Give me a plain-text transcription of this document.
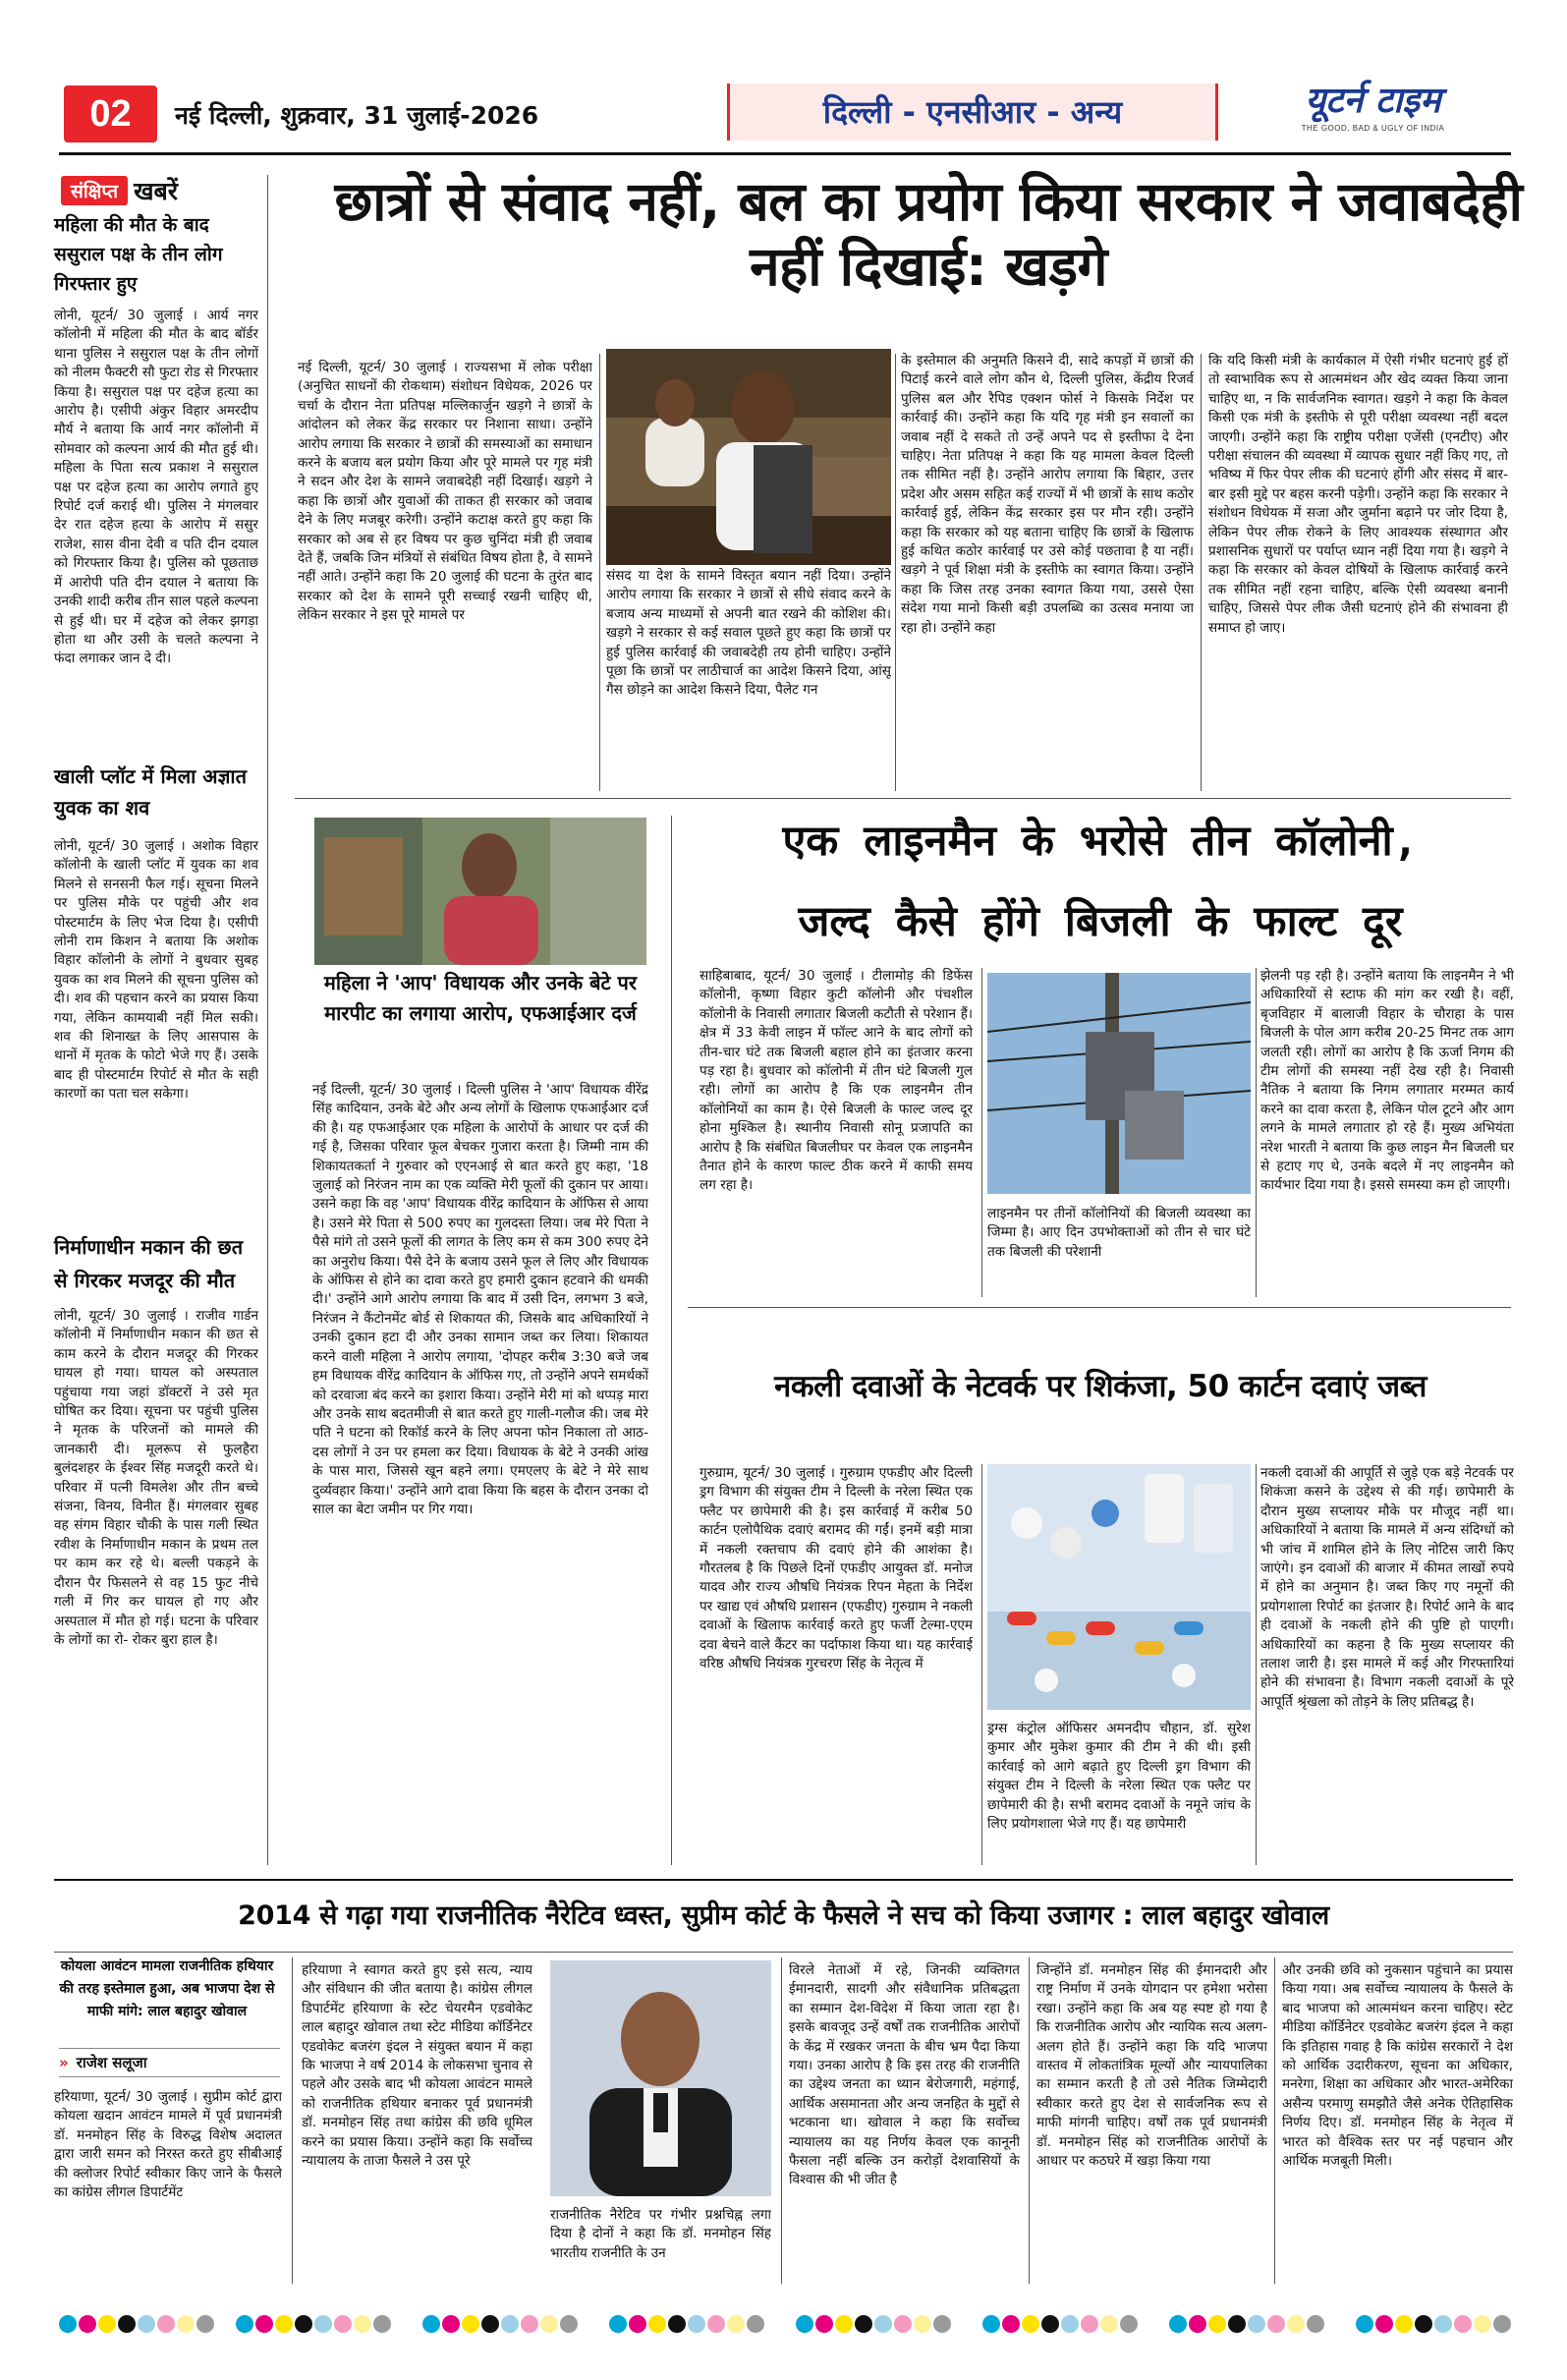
02	नई दिल्ली, शुक्रवार, 31 जुलाई-2026	दिल्ली - एनसीआर - अन्य	यूटर्न टाइम
THE GOOD, BAD & UGLY OF INDIA
संक्षिप्त खबरें
महिला की मौत के बाद ससुराल पक्ष के तीन लोग गिरफ्तार हुए
लोनी, यूटर्न/ 30 जुलाई । आर्य नगर कॉलोनी में महिला की मौत के बाद बॉर्डर थाना पुलिस ने ससुराल पक्ष के तीन लोगों को नीलम फैक्टरी सौ फुटा रोड से गिरफ्तार किया है। ससुराल पक्ष पर दहेज हत्या का आरोप है। एसीपी अंकुर विहार अमरदीप मौर्य ने बताया कि आर्य नगर कॉलोनी में सोमवार को कल्पना आर्य की मौत हुई थी। महिला के पिता सत्य प्रकाश ने ससुराल पक्ष पर दहेज हत्या का आरोप लगाते हुए रिपोर्ट दर्ज कराई थी। पुलिस ने मंगलवार देर रात दहेज हत्या के आरोप में ससुर राजेश, सास वीना देवी व पति दीन दयाल को गिरफ्तार किया है। पुलिस को पूछताछ में आरोपी पति दीन दयाल ने बताया कि उनकी शादी करीब तीन साल पहले कल्पना से हुई थी। घर में दहेज को लेकर झगड़ा होता था और उसी के चलते कल्पना ने फंदा लगाकर जान दे दी।
खाली प्लॉट में मिला अज्ञात युवक का शव
लोनी, यूटर्न/ 30 जुलाई । अशोक विहार कॉलोनी के खाली प्लॉट में युवक का शव मिलने से सनसनी फैल गई। सूचना मिलने पर पुलिस मौके पर पहुंची और शव पोस्टमार्टम के लिए भेज दिया है। एसीपी लोनी राम किशन ने बताया कि अशोक विहार कॉलोनी के लोगों ने बुधवार सुबह युवक का शव मिलने की सूचना पुलिस को दी। शव की पहचान करने का प्रयास किया गया, लेकिन कामयाबी नहीं मिल सकी। शव की शिनाख्त के लिए आसपास के थानों में मृतक के फोटो भेजे गए हैं। उसके बाद ही पोस्टमार्टम रिपोर्ट से मौत के सही कारणों का पता चल सकेगा।
निर्माणाधीन मकान की छत से गिरकर मजदूर की मौत
लोनी, यूटर्न/ 30 जुलाई । राजीव गार्डन कॉलोनी में निर्माणाधीन मकान की छत से काम करने के दौरान मजदूर की गिरकर घायल हो गया। घायल को अस्पताल पहुंचाया गया जहां डॉक्टरों ने उसे मृत घोषित कर दिया। सूचना पर पहुंची पुलिस ने मृतक के परिजनों को मामले की जानकारी दी। मूलरूप से फुलहैरा बुलंदशहर के ईश्वर सिंह मजदूरी करते थे। परिवार में पत्नी विमलेश और तीन बच्चे संजना, विनय, विनीत हैं। मंगलवार सुबह वह संगम विहार चौकी के पास गली स्थित रवीश के निर्माणाधीन मकान के प्रथम तल पर काम कर रहे थे। बल्ली पकड़ने के दौरान पैर फिसलने से वह 15 फुट नीचे गली में गिर कर घायल हो गए और अस्पताल में मौत हो गई। घटना के परिवार के लोगों का रो- रोकर बुरा हाल है।
छात्रों से संवाद नहीं, बल का प्रयोग किया सरकार ने जवाबदेही नहीं दिखाई: खड़गे
नई दिल्ली, यूटर्न/ 30 जुलाई । राज्यसभा में लोक परीक्षा (अनुचित साधनों की रोकथाम) संशोधन विधेयक, 2026 पर चर्चा के दौरान नेता प्रतिपक्ष मल्लिकार्जुन खड़गे ने छात्रों के आंदोलन को लेकर केंद्र सरकार पर निशाना साधा। उन्होंने आरोप लगाया कि सरकार ने छात्रों की समस्याओं का समाधान करने के बजाय बल प्रयोग किया और पूरे मामले पर गृह मंत्री ने सदन और देश के सामने जवाबदेही नहीं दिखाई। खड़गे ने कहा कि छात्रों और युवाओं की ताकत ही सरकार को जवाब देने के लिए मजबूर करेगी। उन्होंने कटाक्ष करते हुए कहा कि सरकार को अब से हर विषय पर कुछ चुनिंदा मंत्री ही जवाब देते हैं, जबकि जिन मंत्रियों से संबंधित विषय होता है, वे सामने नहीं आते। उन्होंने कहा कि 20 जुलाई की घटना के तुरंत बाद सरकार को देश के सामने पूरी सच्चाई रखनी चाहिए थी, लेकिन सरकार ने इस पूरे मामले पर
संसद या देश के सामने विस्तृत बयान नहीं दिया। उन्होंने आरोप लगाया कि सरकार ने छात्रों से सीधे संवाद करने के बजाय अन्य माध्यमों से अपनी बात रखने की कोशिश की। खड़गे ने सरकार से कई सवाल पूछते हुए कहा कि छात्रों पर हुई पुलिस कार्रवाई की जवाबदेही तय होनी चाहिए। उन्होंने पूछा कि छात्रों पर लाठीचार्ज का आदेश किसने दिया, आंसू गैस छोड़ने का आदेश किसने दिया, पैलेट गन
के इस्तेमाल की अनुमति किसने दी, सादे कपड़ों में छात्रों की पिटाई करने वाले लोग कौन थे, दिल्ली पुलिस, केंद्रीय रिजर्व पुलिस बल और रैपिड एक्शन फोर्स ने किसके निर्देश पर कार्रवाई की। उन्होंने कहा कि यदि गृह मंत्री इन सवालों का जवाब नहीं दे सकते तो उन्हें अपने पद से इस्तीफा दे देना चाहिए। नेता प्रतिपक्ष ने कहा कि यह मामला केवल दिल्ली तक सीमित नहीं है। उन्होंने आरोप लगाया कि बिहार, उत्तर प्रदेश और असम सहित कई राज्यों में भी छात्रों के साथ कठोर कार्रवाई हुई, लेकिन केंद्र सरकार इस पर मौन रही। उन्होंने कहा कि सरकार को यह बताना चाहिए कि छात्रों के खिलाफ हुई कथित कठोर कार्रवाई पर उसे कोई पछतावा है या नहीं। खड़गे ने पूर्व शिक्षा मंत्री के इस्तीफे का स्वागत किया। उन्होंने कहा कि जिस तरह उनका स्वागत किया गया, उससे ऐसा संदेश गया मानो किसी बड़ी उपलब्धि का उत्सव मनाया जा रहा हो। उन्होंने कहा
कि यदि किसी मंत्री के कार्यकाल में ऐसी गंभीर घटनाएं हुई हों तो स्वाभाविक रूप से आत्ममंथन और खेद व्यक्त किया जाना चाहिए था, न कि सार्वजनिक स्वागत। खड़गे ने कहा कि केवल किसी एक मंत्री के इस्तीफे से पूरी परीक्षा व्यवस्था नहीं बदल जाएगी। उन्होंने कहा कि राष्ट्रीय परीक्षा एजेंसी (एनटीए) और परीक्षा संचालन की व्यवस्था में व्यापक सुधार नहीं किए गए, तो भविष्य में फिर पेपर लीक की घटनाएं होंगी और संसद में बार-बार इसी मुद्दे पर बहस करनी पड़ेगी। उन्होंने कहा कि सरकार ने संशोधन विधेयक में सजा और जुर्माना बढ़ाने पर जोर दिया है, लेकिन पेपर लीक रोकने के लिए आवश्यक संस्थागत और प्रशासनिक सुधारों पर पर्याप्त ध्यान नहीं दिया गया है। खड़गे ने कहा कि सरकार को केवल दोषियों के खिलाफ कार्रवाई करने तक सीमित नहीं रहना चाहिए, बल्कि ऐसी व्यवस्था बनानी चाहिए, जिससे पेपर लीक जैसी घटनाएं होने की संभावना ही समाप्त हो जाए।
महिला ने 'आप' विधायक और उनके बेटे पर मारपीट का लगाया आरोप, एफआईआर दर्ज
नई दिल्ली, यूटर्न/ 30 जुलाई । दिल्ली पुलिस ने 'आप' विधायक वीरेंद्र सिंह कादियान, उनके बेटे और अन्य लोगों के खिलाफ एफआईआर दर्ज की है। यह एफआईआर एक महिला के आरोपों के आधार पर दर्ज की गई है, जिसका परिवार फूल बेचकर गुजारा करता है। जिम्मी नाम की शिकायतकर्ता ने गुरुवार को एएनआई से बात करते हुए कहा, '18 जुलाई को निरंजन नाम का एक व्यक्ति मेरी फूलों की दुकान पर आया। उसने कहा कि वह 'आप' विधायक वीरेंद्र कादियान के ऑफिस से आया है। उसने मेरे पिता से 500 रुपए का गुलदस्ता लिया। जब मेरे पिता ने पैसे मांगे तो उसने फूलों की लागत के लिए कम से कम 300 रुपए देने का अनुरोध किया। पैसे देने के बजाय उसने फूल ले लिए और विधायक के ऑफिस से होने का दावा करते हुए हमारी दुकान हटवाने की धमकी दी।' उन्होंने आगे आरोप लगाया कि बाद में उसी दिन, लगभग 3 बजे, निरंजन ने कैंटोनमेंट बोर्ड से शिकायत की, जिसके बाद अधिकारियों ने उनकी दुकान हटा दी और उनका सामान जब्त कर लिया। शिकायत करने वाली महिला ने आरोप लगाया, 'दोपहर करीब 3:30 बजे जब हम विधायक वीरेंद्र कादियान के ऑफिस गए, तो उन्होंने अपने समर्थकों को दरवाजा बंद करने का इशारा किया। उन्होंने मेरी मां को थप्पड़ मारा और उनके साथ बदतमीजी से बात करते हुए गाली-गलौज की। जब मेरे पति ने घटना को रिकॉर्ड करने के लिए अपना फोन निकाला तो आठ-दस लोगों ने उन पर हमला कर दिया। विधायक के बेटे ने उनकी आंख के पास मारा, जिससे खून बहने लगा। एमएलए के बेटे ने मेरे साथ दुर्व्यवहार किया।' उन्होंने आगे दावा किया कि बहस के दौरान उनका दो साल का बेटा जमीन पर गिर गया।
एक लाइनमैन के भरोसे तीन कॉलोनी,
जल्द कैसे होंगे बिजली के फाल्ट दूर
साहिबाबाद, यूटर्न/ 30 जुलाई । टीलामोड़ की डिफेंस कॉलोनी, कृष्णा विहार कुटी कॉलोनी और पंचशील कॉलोनी के निवासी लगातार बिजली कटौती से परेशान हैं। क्षेत्र में 33 केवी लाइन में फॉल्ट आने के बाद लोगों को तीन-चार घंटे तक बिजली बहाल होने का इंतजार करना पड़ रहा है। बुधवार को कॉलोनी में तीन घंटे बिजली गुल रही। लोगों का आरोप है कि एक लाइनमैन तीन कॉलोनियों का काम है। ऐसे बिजली के फाल्ट जल्द दूर होना मुश्किल है। स्थानीय निवासी सोनू प्रजापति का आरोप है कि संबंधित बिजलीघर पर केवल एक लाइनमैन तैनात होने के कारण फाल्ट ठीक करने में काफी समय लग रहा है।
लाइनमैन पर तीनों कॉलोनियों की बिजली व्यवस्था का जिम्मा है। आए दिन उपभोक्ताओं को तीन से चार घंटे तक बिजली की परेशानी
झेलनी पड़ रही है। उन्होंने बताया कि लाइनमैन ने भी अधिकारियों से स्टाफ की मांग कर रखी है। वहीं, बृजविहार में बालाजी विहार के चौराहा के पास बिजली के पोल आग करीब 20-25 मिनट तक आग जलती रही। लोगों का आरोप है कि ऊर्जा निगम की टीम लोगों की समस्या नहीं देख रही है। निवासी नैतिक ने बताया कि निगम लगातार मरम्मत कार्य करने का दावा करता है, लेकिन पोल टूटने और आग लगने के मामले लगातार हो रहे हैं। मुख्य अभियंता नरेश भारती ने बताया कि कुछ लाइन मैन बिजली घर से हटाए गए थे, उनके बदले में नए लाइनमैन को कार्यभार दिया गया है। इससे समस्या कम हो जाएगी।
नकली दवाओं के नेटवर्क पर शिकंजा, 50 कार्टन दवाएं जब्त
गुरुग्राम, यूटर्न/ 30 जुलाई । गुरुग्राम एफडीए और दिल्ली ड्रग विभाग की संयुक्त टीम ने दिल्ली के नरेला स्थित एक फ्लैट पर छापेमारी की है। इस कार्रवाई में करीब 50 कार्टन एलोपैथिक दवाएं बरामद की गईं। इनमें बड़ी मात्रा में नकली रक्तचाप की दवाएं होने की आशंका है। गौरतलब है कि पिछले दिनों एफडीए आयुक्त डॉ. मनोज यादव और राज्य औषधि नियंत्रक रिपन मेहता के निर्देश पर खाद्य एवं औषधि प्रशासन (एफडीए) गुरुग्राम ने नकली दवाओं के खिलाफ कार्रवाई करते हुए फर्जी टेल्मा-एएम दवा बेचने वाले कैंटर का पर्दाफाश किया था। यह कार्रवाई वरिष्ठ औषधि नियंत्रक गुरचरण सिंह के नेतृत्व में
ड्रग्स कंट्रोल ऑफिसर अमनदीप चौहान, डॉ. सुरेश कुमार और मुकेश कुमार की टीम ने की थी। इसी कार्रवाई को आगे बढ़ाते हुए दिल्ली ड्रग विभाग की संयुक्त टीम ने दिल्ली के नरेला स्थित एक फ्लैट पर छापेमारी की है। सभी बरामद दवाओं के नमूने जांच के लिए प्रयोगशाला भेजे गए हैं। यह छापेमारी
नकली दवाओं की आपूर्ति से जुड़े एक बड़े नेटवर्क पर शिकंजा कसने के उद्देश्य से की गई। छापेमारी के दौरान मुख्य सप्लायर मौके पर मौजूद नहीं था। अधिकारियों ने बताया कि मामले में अन्य संदिग्धों को भी जांच में शामिल होने के लिए नोटिस जारी किए जाएंगे। इन दवाओं की बाजार में कीमत लाखों रुपये में होने का अनुमान है। जब्त किए गए नमूनों की प्रयोगशाला रिपोर्ट का इंतजार है। रिपोर्ट आने के बाद ही दवाओं के नकली होने की पुष्टि हो पाएगी। अधिकारियों का कहना है कि मुख्य सप्लायर की तलाश जारी है। इस मामले में कई और गिरफ्तारियां होने की संभावना है। विभाग नकली दवाओं के पूरे आपूर्ति श्रृंखला को तोड़ने के लिए प्रतिबद्ध है।
2014 से गढ़ा गया राजनीतिक नैरेटिव ध्वस्त, सुप्रीम कोर्ट के फैसले ने सच को किया उजागर : लाल बहादुर खोवाल
कोयला आवंटन मामला राजनीतिक हथियार की तरह इस्तेमाल हुआ, अब भाजपा देश से माफी मांगे: लाल बहादुर खोवाल
» राजेश सलूजा
हरियाणा, यूटर्न/ 30 जुलाई । सुप्रीम कोर्ट द्वारा कोयला खदान आवंटन मामले में पूर्व प्रधानमंत्री डॉ. मनमोहन सिंह के विरुद्ध विशेष अदालत द्वारा जारी समन को निरस्त करते हुए सीबीआई की क्लोजर रिपोर्ट स्वीकार किए जाने के फैसले का कांग्रेस लीगल डिपार्टमेंट
हरियाणा ने स्वागत करते हुए इसे सत्य, न्याय और संविधान की जीत बताया है। कांग्रेस लीगल डिपार्टमेंट हरियाणा के स्टेट चेयरमैन एडवोकेट लाल बहादुर खोवाल तथा स्टेट मीडिया कॉर्डिनेटर एडवोकेट बजरंग इंदल ने संयुक्त बयान में कहा कि भाजपा ने वर्ष 2014 के लोकसभा चुनाव से पहले और उसके बाद भी कोयला आवंटन मामले को राजनीतिक हथियार बनाकर पूर्व प्रधानमंत्री डॉ. मनमोहन सिंह तथा कांग्रेस की छवि धूमिल करने का प्रयास किया। उन्होंने कहा कि सर्वोच्च न्यायालय के ताजा फैसले ने उस पूरे
राजनीतिक नैरेटिव पर गंभीर प्रश्नचिह्न लगा दिया है दोनों ने कहा कि डॉ. मनमोहन सिंह भारतीय राजनीति के उन
विरले नेताओं में रहे, जिनकी व्यक्तिगत ईमानदारी, सादगी और संवैधानिक प्रतिबद्धता का सम्मान देश-विदेश में किया जाता रहा है। इसके बावजूद उन्हें वर्षों तक राजनीतिक आरोपों के केंद्र में रखकर जनता के बीच भ्रम पैदा किया गया। उनका आरोप है कि इस तरह की राजनीति का उद्देश्य जनता का ध्यान बेरोजगारी, महंगाई, आर्थिक असमानता और अन्य जनहित के मुद्दों से भटकाना था। खोवाल ने कहा कि सर्वोच्च न्यायालय का यह निर्णय केवल एक कानूनी फैसला नहीं बल्कि उन करोड़ों देशवासियों के विश्वास की भी जीत है
जिन्होंने डॉ. मनमोहन सिंह की ईमानदारी और राष्ट्र निर्माण में उनके योगदान पर हमेशा भरोसा रखा। उन्होंने कहा कि अब यह स्पष्ट हो गया है कि राजनीतिक आरोप और न्यायिक सत्य अलग-अलग होते हैं। उन्होंने कहा कि यदि भाजपा वास्तव में लोकतांत्रिक मूल्यों और न्यायपालिका का सम्मान करती है तो उसे नैतिक जिम्मेदारी स्वीकार करते हुए देश से सार्वजनिक रूप से माफी मांगनी चाहिए। वर्षों तक पूर्व प्रधानमंत्री डॉ. मनमोहन सिंह को राजनीतिक आरोपों के आधार पर कठघरे में खड़ा किया गया
और उनकी छवि को नुकसान पहुंचाने का प्रयास किया गया। अब सर्वोच्च न्यायालय के फैसले के बाद भाजपा को आत्ममंथन करना चाहिए। स्टेट मीडिया कॉर्डिनेटर एडवोकेट बजरंग इंदल ने कहा कि इतिहास गवाह है कि कांग्रेस सरकारों ने देश को आर्थिक उदारीकरण, सूचना का अधिकार, मनरेगा, शिक्षा का अधिकार और भारत-अमेरिका असैन्य परमाणु समझौते जैसे अनेक ऐतिहासिक निर्णय दिए। डॉ. मनमोहन सिंह के नेतृत्व में भारत को वैश्विक स्तर पर नई पहचान और आर्थिक मजबूती मिली।
